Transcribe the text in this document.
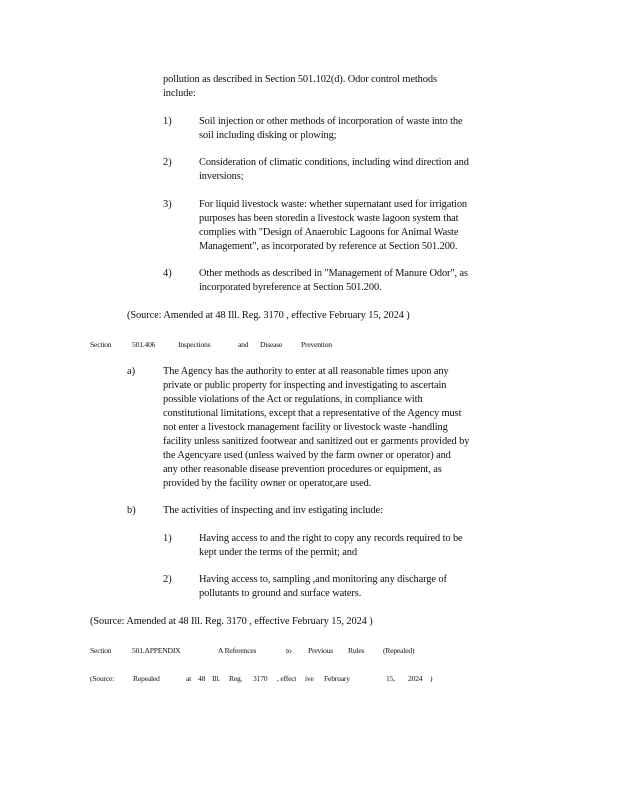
pollution as described in Section 501.102(d). Odor control methods
include:
1)	Soil injection or other methods of incorporation of waste into the
soil including disking or plowing;
2)	Consideration of climatic conditions, including wind direction and
inversions;
3)	For liquid livestock waste: whether supernatant used for irrigation
purposes has been storedin a livestock waste lagoon system that
complies with "Design of Anaerobic Lagoons for Animal Waste
Management", as incorporated by reference at Section 501.200.
4)	Other methods as described in "Management of Manure Odor", as
incorporated byreference at Section 501.200.
(Source: Amended at 48 Ill. Reg. 3170 , effective February 15, 2024 )
Section	501.406	Inspections	and Disease Prevention
a)	The Agency has the authority to enter at all reasonable times upon any
private or public property for inspecting and investigating to ascertain
possible violations of the Act or regulations, in compliance with
constitutional limitations, except that a representative of the Agency must
not enter a livestock management facility or livestock waste -handling
facility unless sanitized footwear and sanitized out er garments provided by
the Agencyare used (unless waived by the farm owner or operator) and
any other reasonable disease prevention procedures or equipment, as
provided by the facility owner or operator,are used.
b)	The activities of inspecting and inv estigating include:
1)	Having access to and the right to copy any records required to be
kept under the terms of the permit; and
2)	Having access to, sampling ,and monitoring any discharge of
pollutants to ground and surface waters.
(Source: Amended at 48 Ill. Reg. 3170 , effective February 15, 2024 )
Section	501.APPENDIX	A References	to Previous Rules (Repealed)
(Source: Repealed	at 48 Ill. Reg. 3170 , effect ive February	15, 2024 )
